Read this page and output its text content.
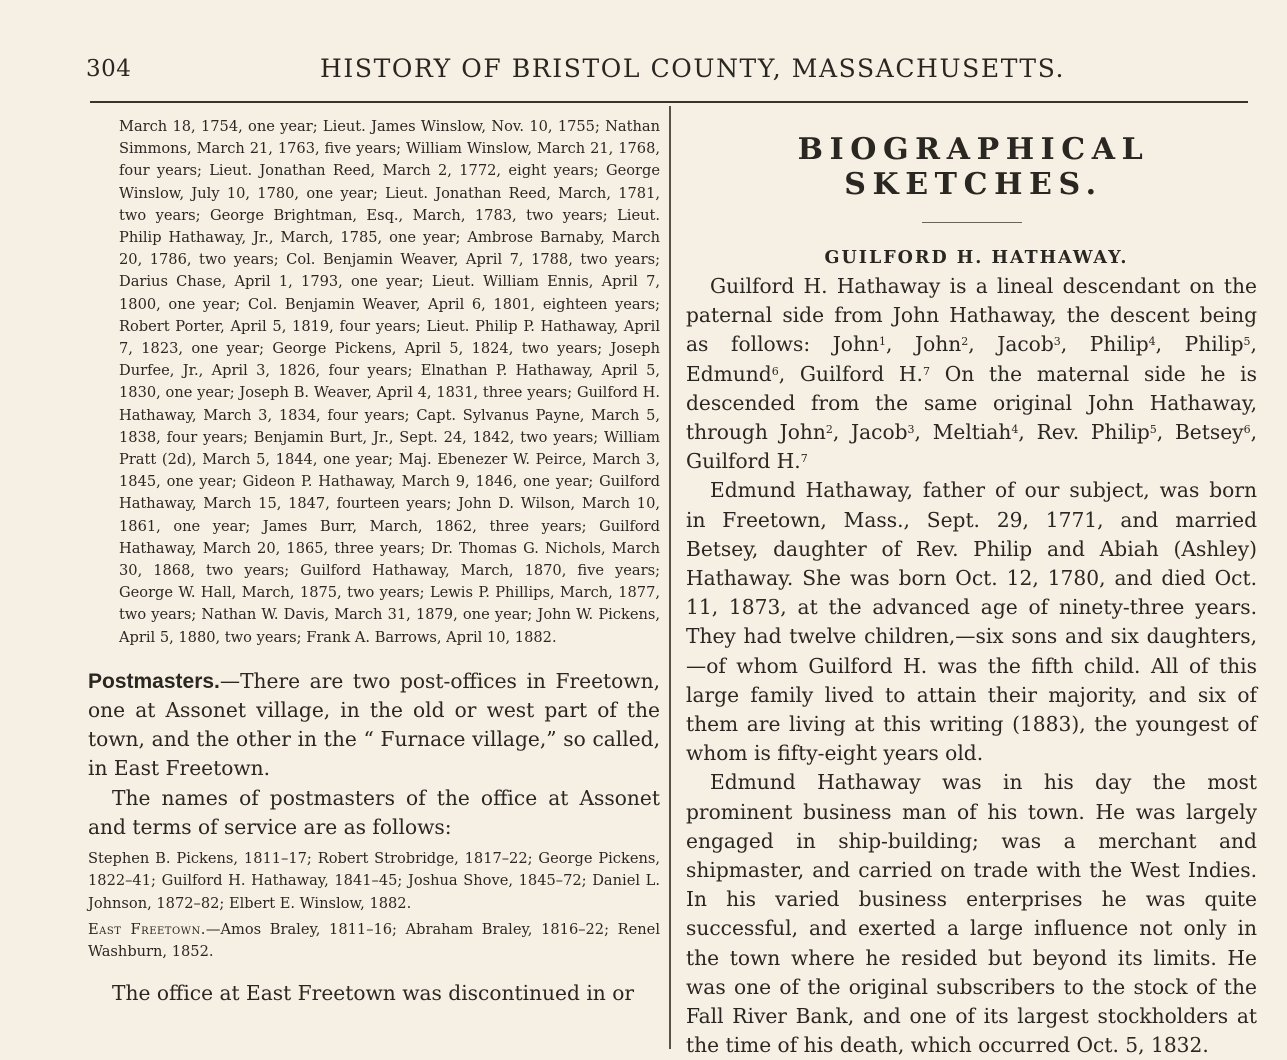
304	HISTORY OF BRISTOL COUNTY, MASSACHUSETTS.

March 18, 1754, one year; Lieut. James Winslow, Nov. 10, 1755; Nathan Simmons, March 21, 1763, five years; William Winslow, March 21, 1768, four years; Lieut. Jonathan Reed, March 2, 1772, eight years; George Winslow, July 10, 1780, one year; Lieut. Jonathan Reed, March, 1781, two years; George Brightman, Esq., March, 1783, two years; Lieut. Philip Hathaway, Jr., March, 1785, one year; Ambrose Barnaby, March 20, 1786, two years; Col. Benjamin Weaver, April 7, 1788, two years; Darius Chase, April 1, 1793, one year; Lieut. William Ennis, April 7, 1800, one year; Col. Benjamin Weaver, April 6, 1801, eighteen years; Robert Porter, April 5, 1819, four years; Lieut. Philip P. Hathaway, April 7, 1823, one year; George Pickens, April 5, 1824, two years; Joseph Durfee, Jr., April 3, 1826, four years; Elnathan P. Hathaway, April 5, 1830, one year; Joseph B. Weaver, April 4, 1831, three years; Guilford H. Hathaway, March 3, 1834, four years; Capt. Sylvanus Payne, March 5, 1838, four years; Benjamin Burt, Jr., Sept. 24, 1842, two years; William Pratt (2d), March 5, 1844, one year; Maj. Ebenezer W. Peirce, March 3, 1845, one year; Gideon P. Hathaway, March 9, 1846, one year; Guilford Hathaway, March 15, 1847, fourteen years; John D. Wilson, March 10, 1861, one year; James Burr, March, 1862, three years; Guilford Hathaway, March 20, 1865, three years; Dr. Thomas G. Nichols, March 30, 1868, two years; Guilford Hathaway, March, 1870, five years; George W. Hall, March, 1875, two years; Lewis P. Phillips, March, 1877, two years; Nathan W. Davis, March 31, 1879, one year; John W. Pickens, April 5, 1880, two years; Frank A. Barrows, April 10, 1882.

Postmasters.—There are two post-offices in Freetown, one at Assonet village, in the old or west part of the town, and the other in the “ Furnace village,” so called, in East Freetown.

The names of postmasters of the office at Assonet and terms of service are as follows:

Stephen B. Pickens, 1811–17; Robert Strobridge, 1817–22; George Pickens, 1822–41; Guilford H. Hathaway, 1841–45; Joshua Shove, 1845–72; Daniel L. Johnson, 1872–82; Elbert E. Winslow, 1882.

East Freetown.—Amos Braley, 1811–16; Abraham Braley, 1816–22; Renel Washburn, 1852.

The office at East Freetown was discontinued in or

BIOGRAPHICAL SKETCHES.
GUILFORD H. HATHAWAY.

Guilford H. Hathaway is a lineal descendant on the paternal side from John Hathaway, the descent being as follows: John$^1$, John$^2$, Jacob$^3$, Philip$^4$, Philip$^5$, Edmund$^6$, Guilford H.$^7$ On the maternal side he is descended from the same original John Hathaway, through John$^2$, Jacob$^3$, Meltiah$^4$, Rev. Philip$^5$, Betsey$^6$, Guilford H.$^7$

Edmund Hathaway, father of our subject, was born in Freetown, Mass., Sept. 29, 1771, and married Betsey, daughter of Rev. Philip and Abiah (Ashley) Hathaway. She was born Oct. 12, 1780, and died Oct. 11, 1873, at the advanced age of ninety-three years. They had twelve children,—six sons and six daughters, —of whom Guilford H. was the fifth child. All of this large family lived to attain their majority, and six of them are living at this writing (1883), the youngest of whom is fifty-eight years old.

Edmund Hathaway was in his day the most prominent business man of his town. He was largely engaged in ship-building; was a merchant and shipmaster, and carried on trade with the West Indies. In his varied business enterprises he was quite successful, and exerted a large influence not only in the town where he resided but beyond its limits. He was one of the original subscribers to the stock of the Fall River Bank, and one of its largest stockholders at the time of his death, which occurred Oct. 5, 1832.
